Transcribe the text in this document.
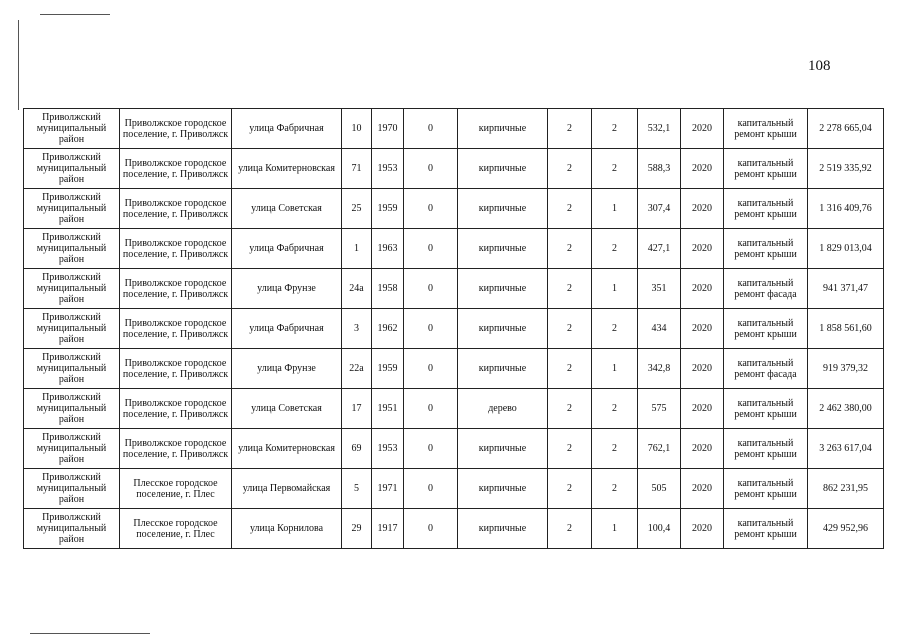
108
Приволжский муниципальный район	Приволжское городское поселение, г. Приволжск	улица Фабричная	10	1970	0	кирпичные	2	2	532,1	2020	капитальный ремонт крыши	2 278 665,04
Приволжский муниципальный район	Приволжское городское поселение, г. Приволжск	улица Комитерновская	71	1953	0	кирпичные	2	2	588,3	2020	капитальный ремонт крыши	2 519 335,92
Приволжский муниципальный район	Приволжское городское поселение, г. Приволжск	улица Советская	25	1959	0	кирпичные	2	1	307,4	2020	капитальный ремонт крыши	1 316 409,76
Приволжский муниципальный район	Приволжское городское поселение, г. Приволжск	улица Фабричная	1	1963	0	кирпичные	2	2	427,1	2020	капитальный ремонт крыши	1 829 013,04
Приволжский муниципальный район	Приволжское городское поселение, г. Приволжск	улица Фрунзе	24а	1958	0	кирпичные	2	1	351	2020	капитальный ремонт фасада	941 371,47
Приволжский муниципальный район	Приволжское городское поселение, г. Приволжск	улица Фабричная	3	1962	0	кирпичные	2	2	434	2020	капитальный ремонт крыши	1 858 561,60
Приволжский муниципальный район	Приволжское городское поселение, г. Приволжск	улица Фрунзе	22а	1959	0	кирпичные	2	1	342,8	2020	капитальный ремонт фасада	919 379,32
Приволжский муниципальный район	Приволжское городское поселение, г. Приволжск	улица Советская	17	1951	0	дерево	2	2	575	2020	капитальный ремонт крыши	2 462 380,00
Приволжский муниципальный район	Приволжское городское поселение, г. Приволжск	улица Комитерновская	69	1953	0	кирпичные	2	2	762,1	2020	капитальный ремонт крыши	3 263 617,04
Приволжский муниципальный район	Плесское городское поселение, г. Плес	улица Первомайская	5	1971	0	кирпичные	2	2	505	2020	капитальный ремонт крыши	862 231,95
Приволжский муниципальный район	Плесское городское поселение, г. Плес	улица Корнилова	29	1917	0	кирпичные	2	1	100,4	2020	капитальный ремонт крыши	429 952,96
